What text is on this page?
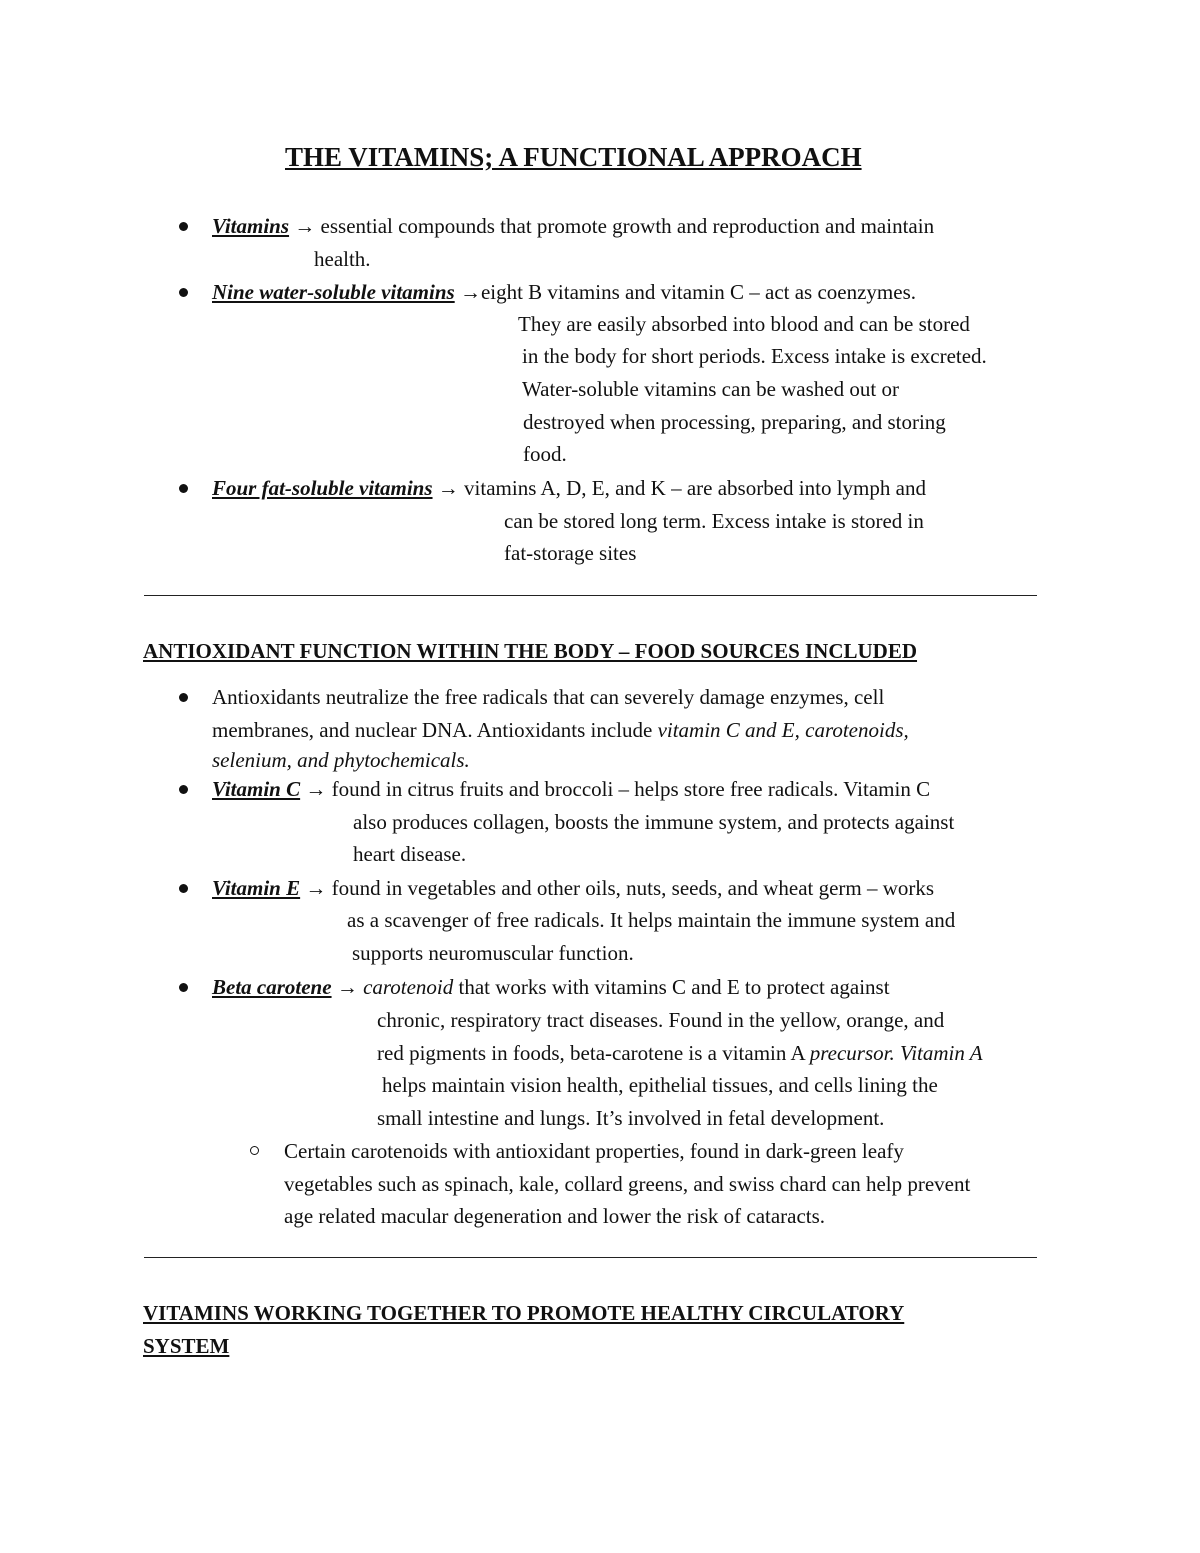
THE VITAMINS; A FUNCTIONAL APPROACH
Vitamins → essential compounds that promote growth and reproduction and maintain
health.
Nine water-soluble vitamins →eight B vitamins and vitamin C – act as coenzymes.
They are easily absorbed into blood and can be stored
in the body for short periods. Excess intake is excreted.
Water-soluble vitamins can be washed out or
destroyed when processing, preparing, and storing
food.
Four fat-soluble vitamins → vitamins A, D, E, and K – are absorbed into lymph and
can be stored long term. Excess intake is stored in
fat-storage sites
ANTIOXIDANT FUNCTION WITHIN THE BODY – FOOD SOURCES INCLUDED
Antioxidants neutralize the free radicals that can severely damage enzymes, cell
membranes, and nuclear DNA. Antioxidants include vitamin C and E, carotenoids,
selenium, and phytochemicals.
Vitamin C → found in citrus fruits and broccoli – helps store free radicals. Vitamin C
also produces collagen, boosts the immune system, and protects against
heart disease.
Vitamin E → found in vegetables and other oils, nuts, seeds, and wheat germ – works
as a scavenger of free radicals. It helps maintain the immune system and
supports neuromuscular function.
Beta carotene → carotenoid that works with vitamins C and E to protect against
chronic, respiratory tract diseases. Found in the yellow, orange, and
red pigments in foods, beta-carotene is a vitamin A precursor. Vitamin A
helps maintain vision health, epithelial tissues, and cells lining the
small intestine and lungs. It’s involved in fetal development.
Certain carotenoids with antioxidant properties, found in dark-green leafy
vegetables such as spinach, kale, collard greens, and swiss chard can help prevent
age related macular degeneration and lower the risk of cataracts.
VITAMINS WORKING TOGETHER TO PROMOTE HEALTHY CIRCULATORY
SYSTEM
